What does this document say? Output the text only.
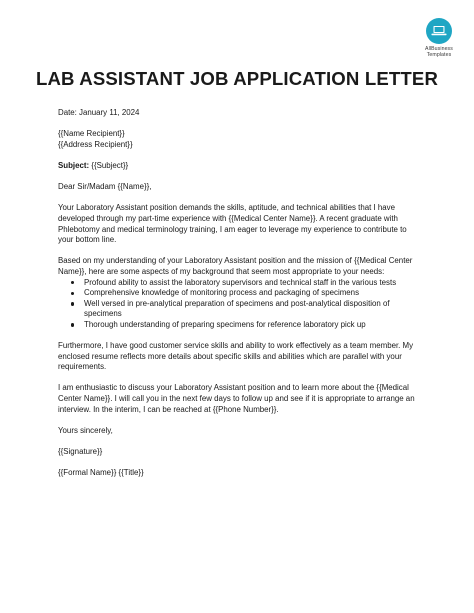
AllBusiness
Templates
LAB ASSISTANT JOB APPLICATION LETTER
Date: January 11, 2024
{{Name Recipient}}
{{Address Recipient}}
Subject: {{Subject}}
Dear Sir/Madam {{Name}},
Your Laboratory Assistant position demands the skills, aptitude, and technical abilities that I have
developed through my part-time experience with {{Medical Center Name}}. A recent graduate with
Phlebotomy and medical terminology training, I am eager to leverage my experience to contribute to
your bottom line.
Based on my understanding of your Laboratory Assistant position and the mission of {{Medical Center
Name}}, here are some aspects of my background that seem most appropriate to your needs:
Profound ability to assist the laboratory supervisors and technical staff in the various tests
Comprehensive knowledge of monitoring process and packaging of specimens
Well versed in pre-analytical preparation of specimens and post-analytical disposition of
specimens
Thorough understanding of preparing specimens for reference laboratory pick up
Furthermore, I have good customer service skills and ability to work effectively as a team member. My
enclosed resume reflects more details about specific skills and abilities which are parallel with your
requirements.
I am enthusiastic to discuss your Laboratory Assistant position and to learn more about the {{Medical
Center Name}}. I will call you in the next few days to follow up and see if it is appropriate to arrange an
interview. In the interim, I can be reached at {{Phone Number}}.
Yours sincerely,
{{Signature}}
{{Formal Name}} {{Title}}
